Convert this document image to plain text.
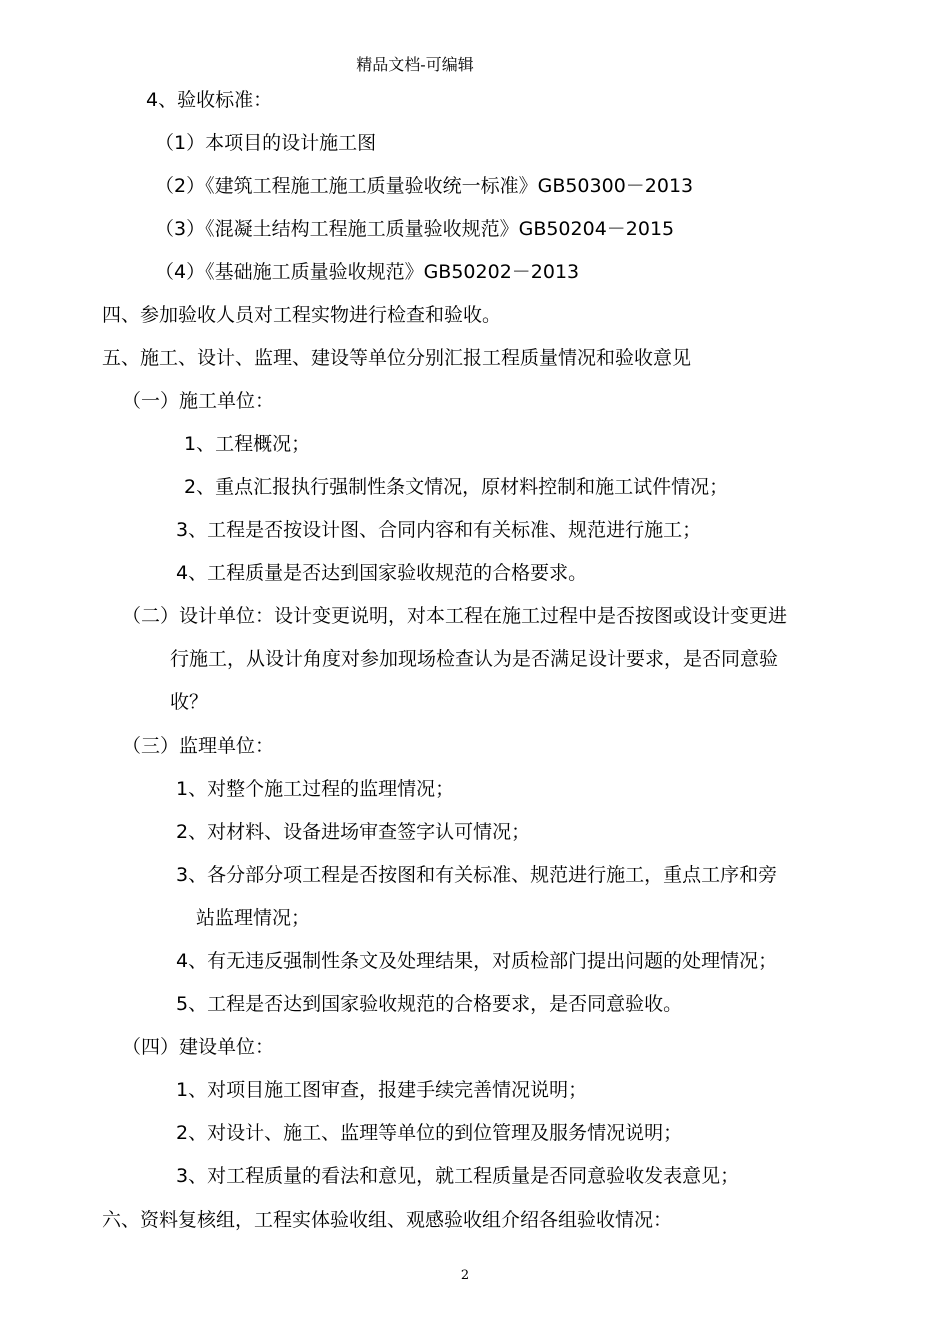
精品文档-可编辑
4、验收标准：
（1）本项目的设计施工图
（2）《建筑工程施工施工质量验收统一标准》GB50300－2013
（3）《混凝土结构工程施工质量验收规范》GB50204－2015
（4）《基础施工质量验收规范》GB50202－2013
四、参加验收人员对工程实物进行检查和验收。
五、施工、设计、监理、建设等单位分别汇报工程质量情况和验收意见
（一）施工单位：
1、工程概况；
2、重点汇报执行强制性条文情况，原材料控制和施工试件情况；
3、工程是否按设计图、合同内容和有关标准、规范进行施工；
4、工程质量是否达到国家验收规范的合格要求。
（二）设计单位：设计变更说明，对本工程在施工过程中是否按图或设计变更进
行施工，从设计角度对参加现场检查认为是否满足设计要求，是否同意验
收？
（三）监理单位：
1、对整个施工过程的监理情况；
2、对材料、设备进场审查签字认可情况；
3、各分部分项工程是否按图和有关标准、规范进行施工，重点工序和旁
站监理情况；
4、有无违反强制性条文及处理结果，对质检部门提出问题的处理情况；
5、工程是否达到国家验收规范的合格要求，是否同意验收。
（四）建设单位：
1、对项目施工图审查，报建手续完善情况说明；
2、对设计、施工、监理等单位的到位管理及服务情况说明；
3、对工程质量的看法和意见，就工程质量是否同意验收发表意见；
六、资料复核组，工程实体验收组、观感验收组介绍各组验收情况：
2
